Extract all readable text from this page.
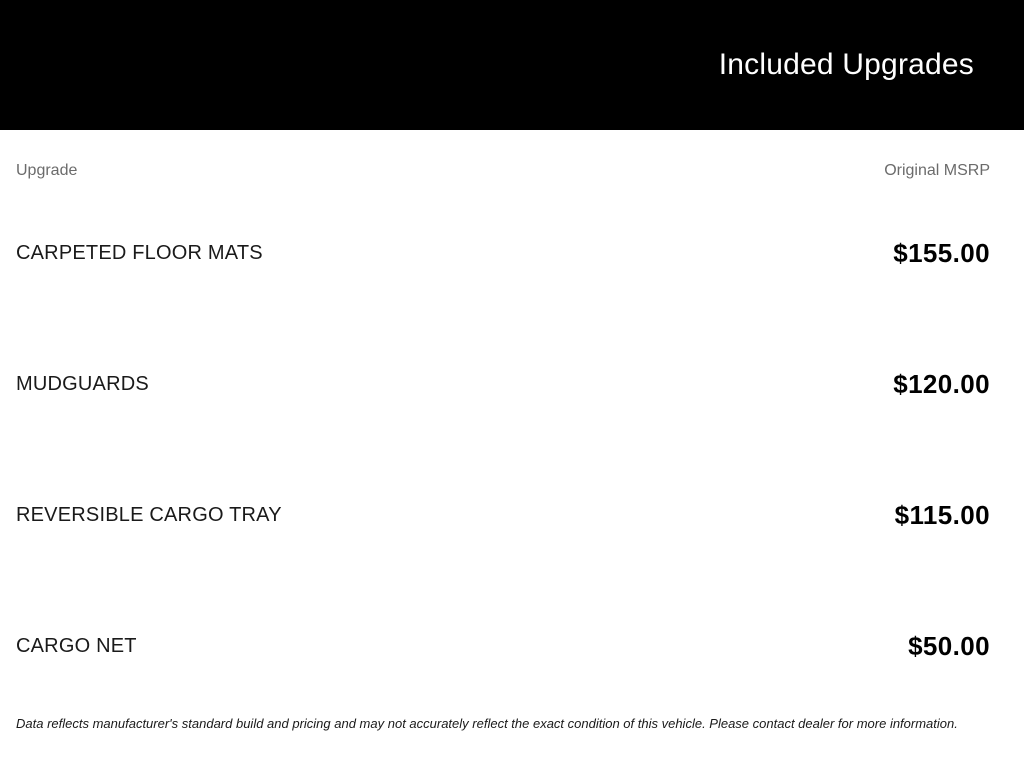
Included Upgrades
Upgrade	Original MSRP
CARPETED FLOOR MATS	$155.00
MUDGUARDS	$120.00
REVERSIBLE CARGO TRAY	$115.00
CARGO NET	$50.00
Data reflects manufacturer's standard build and pricing and may not accurately reflect the exact condition of this vehicle. Please contact dealer for more information.
